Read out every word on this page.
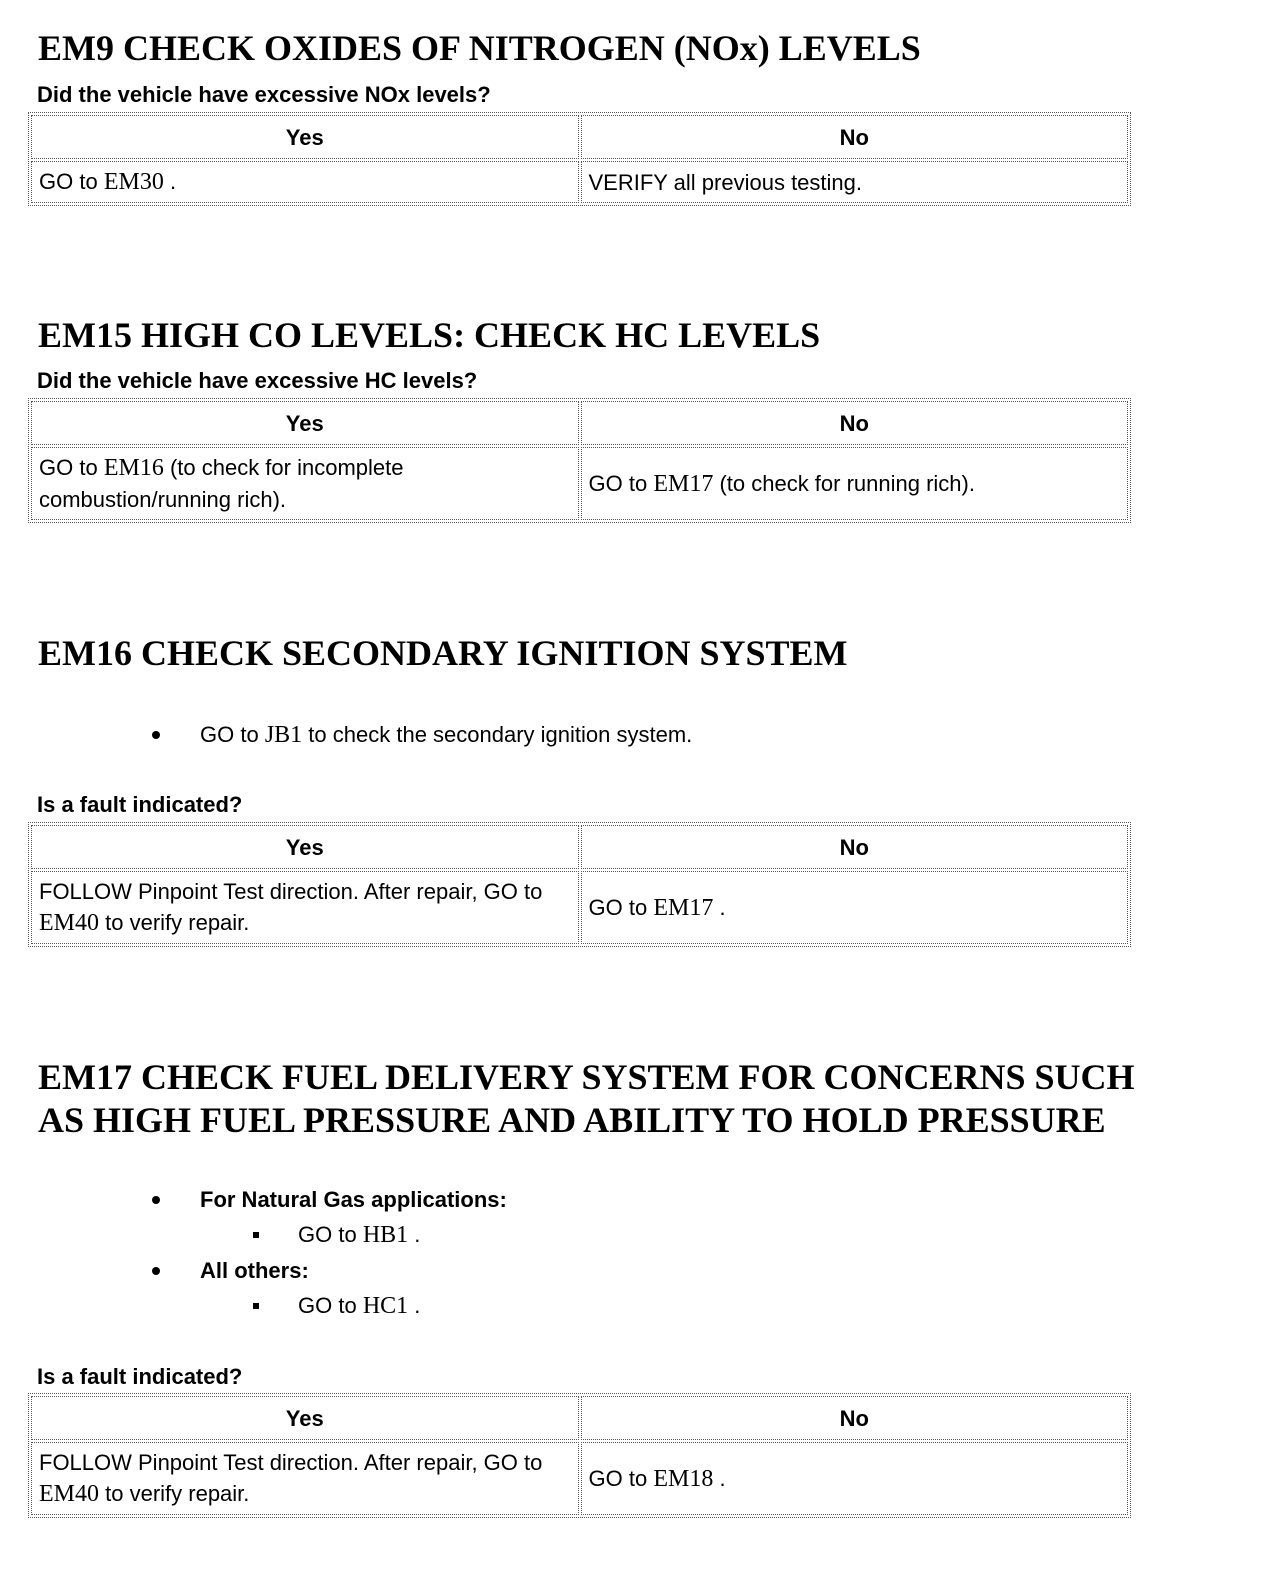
EM9 CHECK OXIDES OF NITROGEN (NOx) LEVELS
Did the vehicle have excessive NOx levels?
Yes	No
GO to EM30 .	VERIFY all previous testing.
EM15 HIGH CO LEVELS: CHECK HC LEVELS
Did the vehicle have excessive HC levels?
Yes	No
GO to EM16 (to check for incomplete combustion/running rich).	GO to EM17 (to check for running rich).
EM16 CHECK SECONDARY IGNITION SYSTEM
GO to JB1 to check the secondary ignition system.
Is a fault indicated?
Yes	No
FOLLOW Pinpoint Test direction. After repair, GO to EM40 to verify repair.	GO to EM17 .
EM17 CHECK FUEL DELIVERY SYSTEM FOR CONCERNS SUCH
AS HIGH FUEL PRESSURE AND ABILITY TO HOLD PRESSURE
For Natural Gas applications:
GO to HB1 .
All others:
GO to HC1 .
Is a fault indicated?
Yes	No
FOLLOW Pinpoint Test direction. After repair, GO to EM40 to verify repair.	GO to EM18 .
